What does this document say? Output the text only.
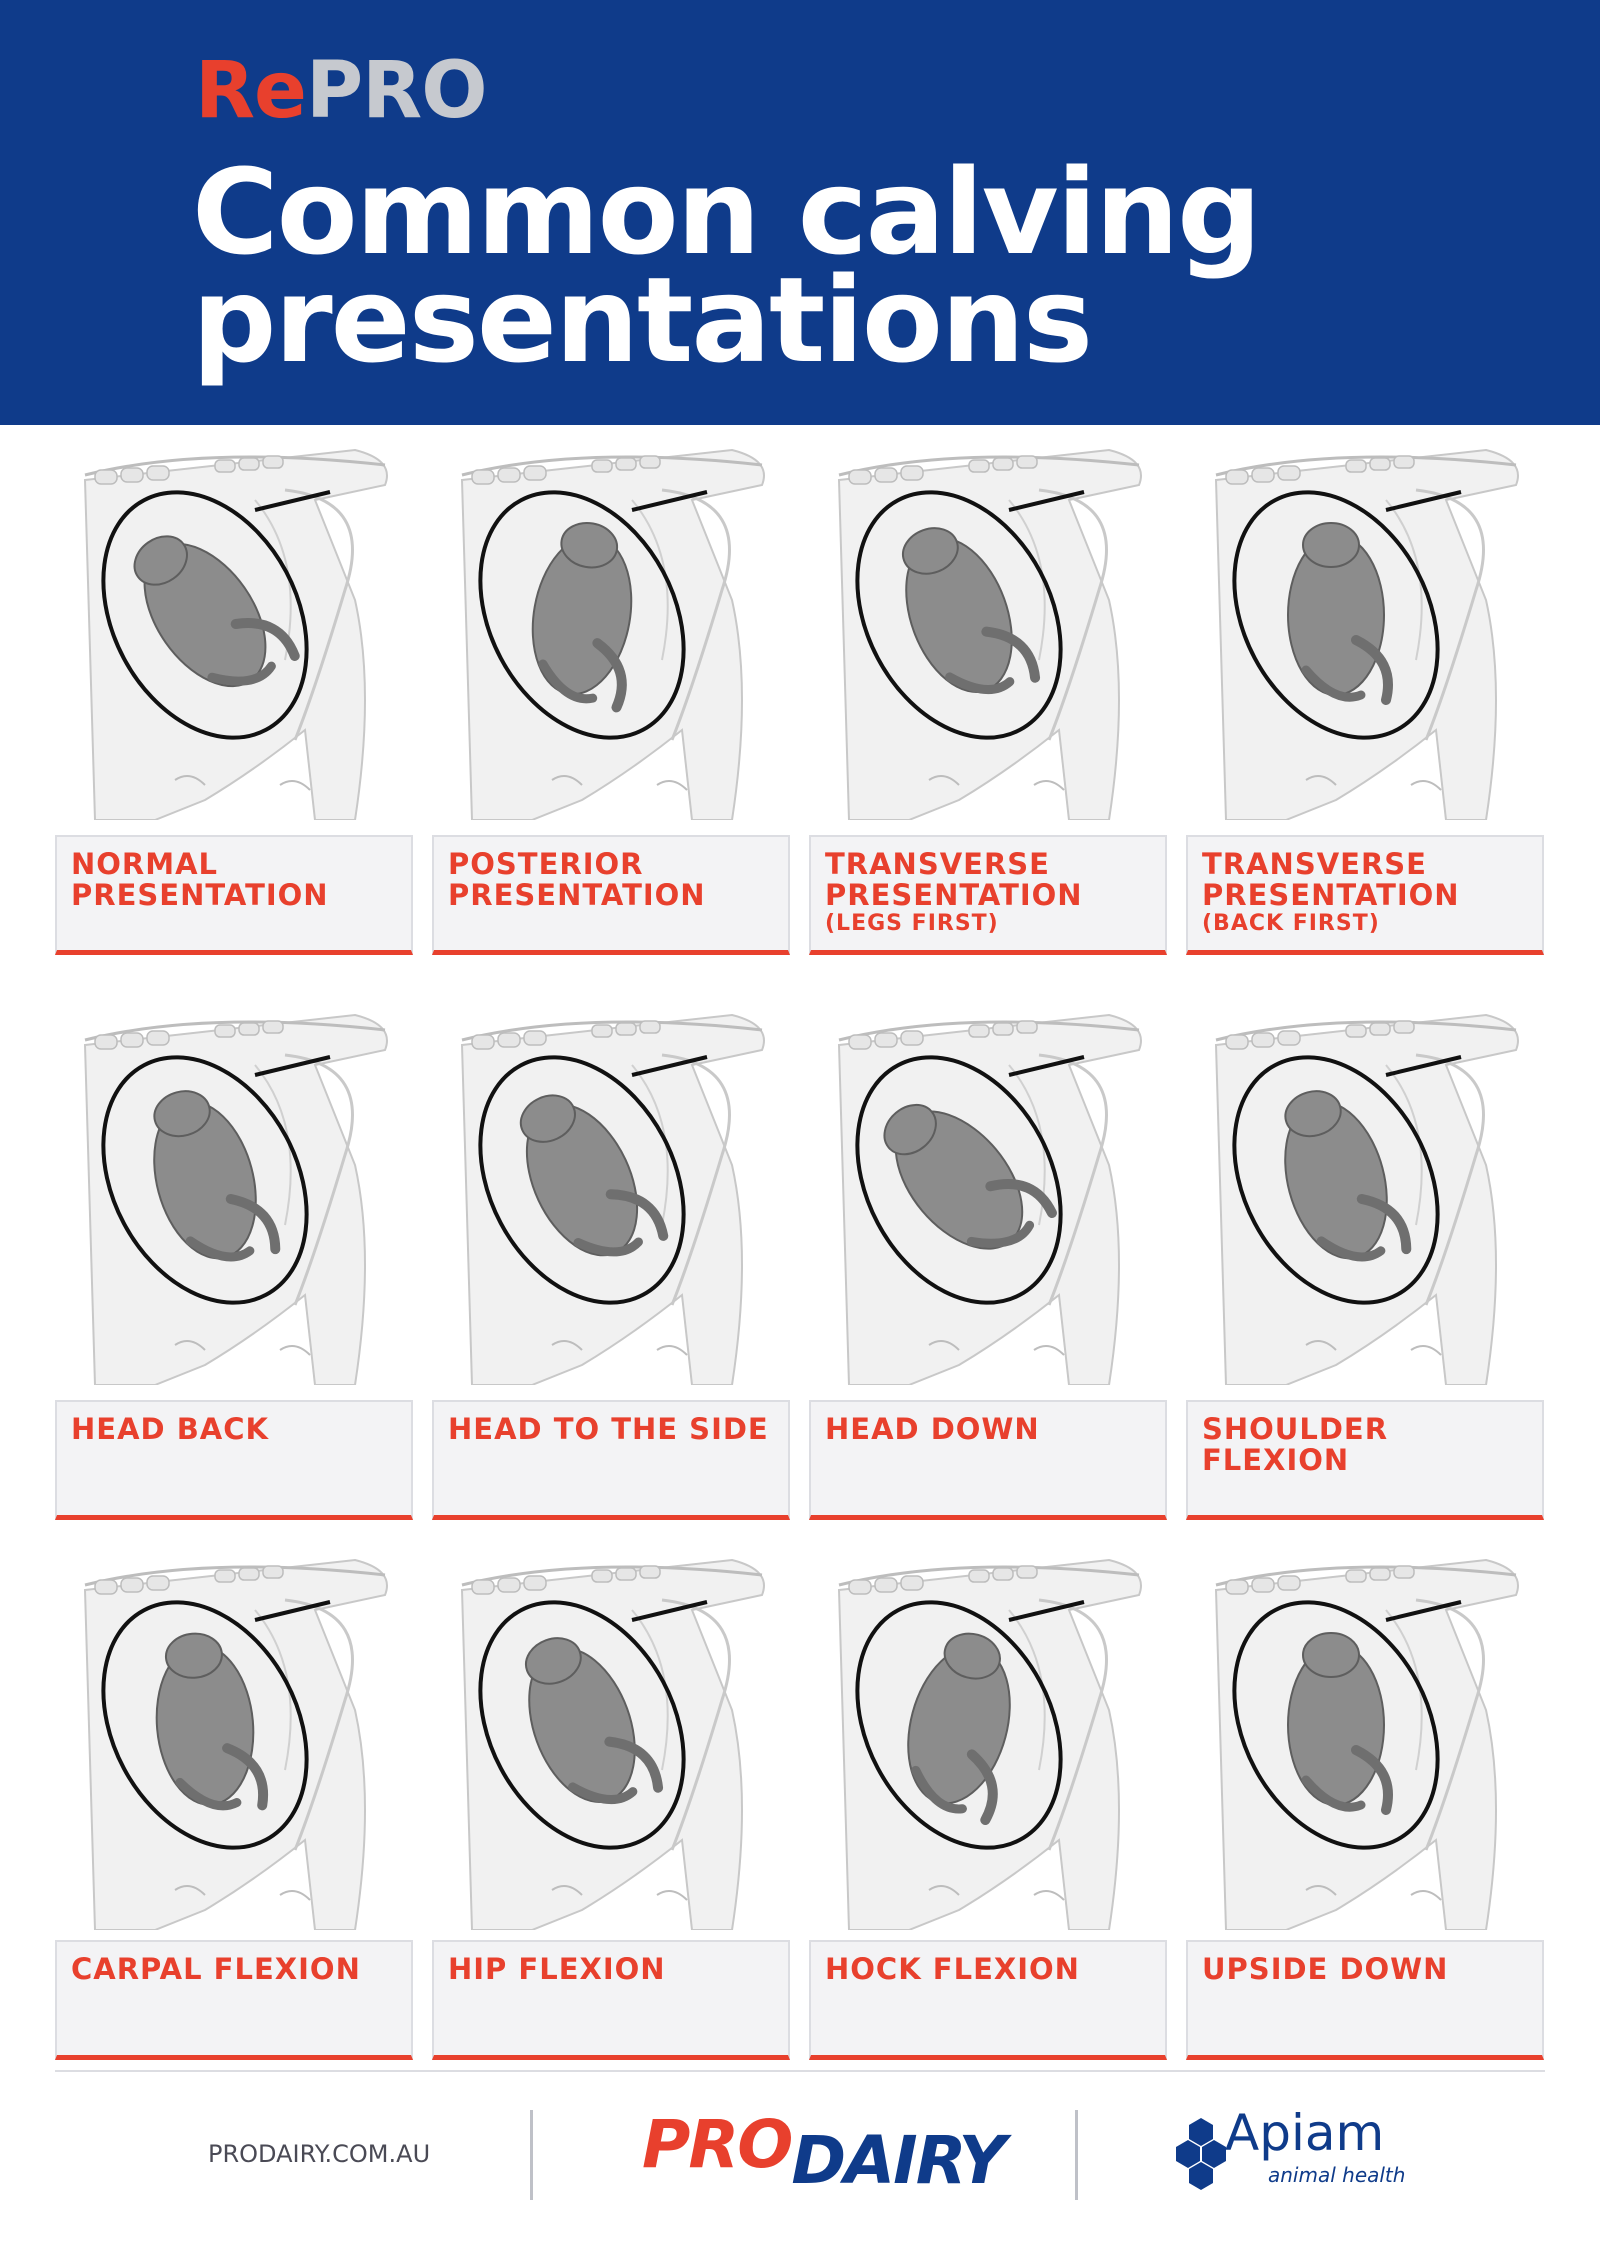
RePRO
Common calving
presentations
NORMAL PRESENTATION
POSTERIOR PRESENTATION
TRANSVERSE PRESENTATION
(LEGS FIRST)
TRANSVERSE PRESENTATION
(BACK FIRST)
HEAD BACK	HEAD TO THE SIDE	HEAD DOWN	SHOULDER FLEXION
CARPAL FLEXION	HIP FLEXION	HOCK FLEXION	UPSIDE DOWN
PRODAIRY.COM.AU	PRODAIRY	Apiam
animal health
